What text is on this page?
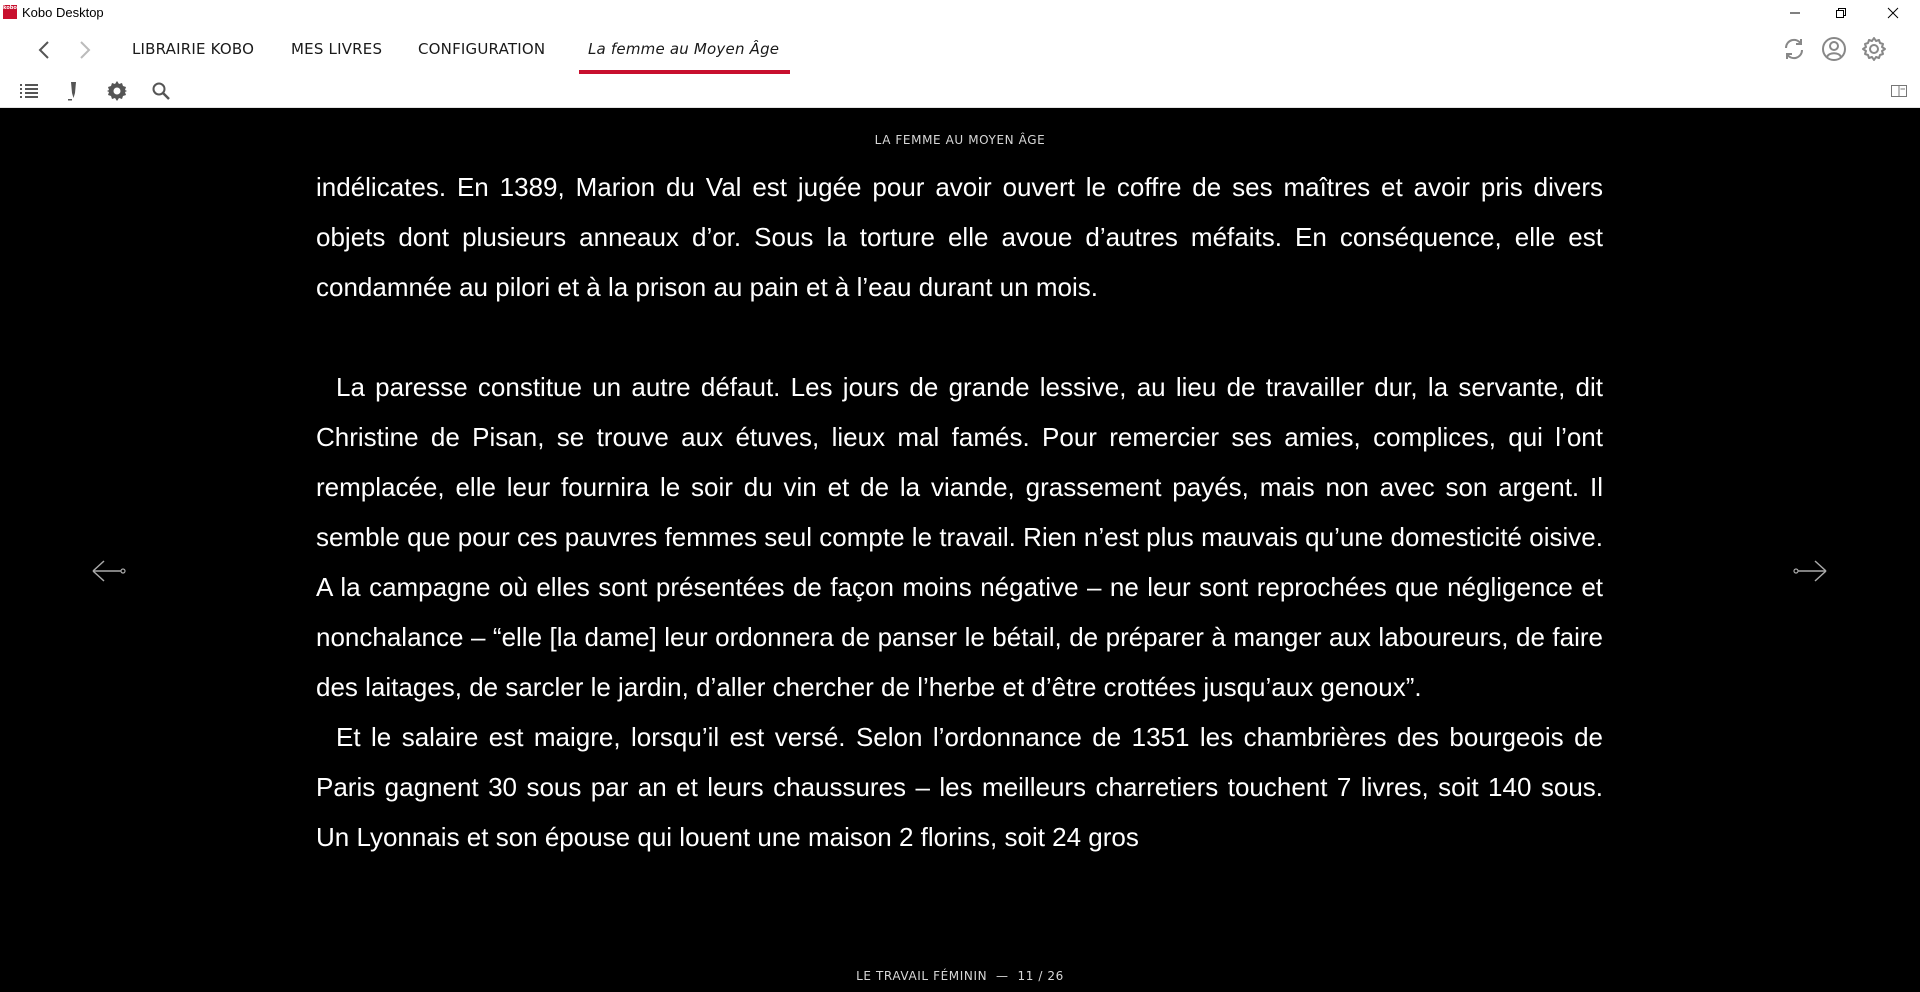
kobo Kobo Desktop
LIBRAIRIE KOBO MES LIVRES CONFIGURATION	La femme au Moyen Âge
LA FEMME AU MOYEN ÂGE

indélicates. En 1389, Marion du Val est jugée pour avoir ouvert le coffre de ses maîtres et avoir pris divers objets dont plusieurs anneaux d’or. Sous la torture elle avoue d’autres méfaits. En conséquence, elle est condamnée au pilori et à la prison au pain et à l’eau durant un mois.

La paresse constitue un autre défaut. Les jours de grande lessive, au lieu de travailler dur, la servante, dit Christine de Pisan, se trouve aux étuves, lieux mal famés. Pour remercier ses amies, complices, qui l’ont remplacée, elle leur fournira le soir du vin et de la viande, grassement payés, mais non avec son argent. Il semble que pour ces pauvres femmes seul compte le travail. Rien n’est plus mauvais qu’une domesticité oisive. A la campagne où elles sont présentées de façon moins négative – ne leur sont reprochées que négligence et nonchalance – “elle [la dame] leur ordonnera de panser le bétail, de préparer à manger aux laboureurs, de faire des laitages, de sarcler le jardin, d’aller chercher de l’herbe et d’être crottées jusqu’aux genoux”.

Et le salaire est maigre, lorsqu’il est versé. Selon l’ordonnance de 1351 les chambrières des bourgeois de Paris gagnent 30 sous par an et leurs chaussures – les meilleurs charretiers touchent 7 livres, soit 140 sous. Un Lyonnais et son épouse qui louent une maison 2 florins, soit 24 gros

LE TRAVAIL FÉMININ — 11 / 26
